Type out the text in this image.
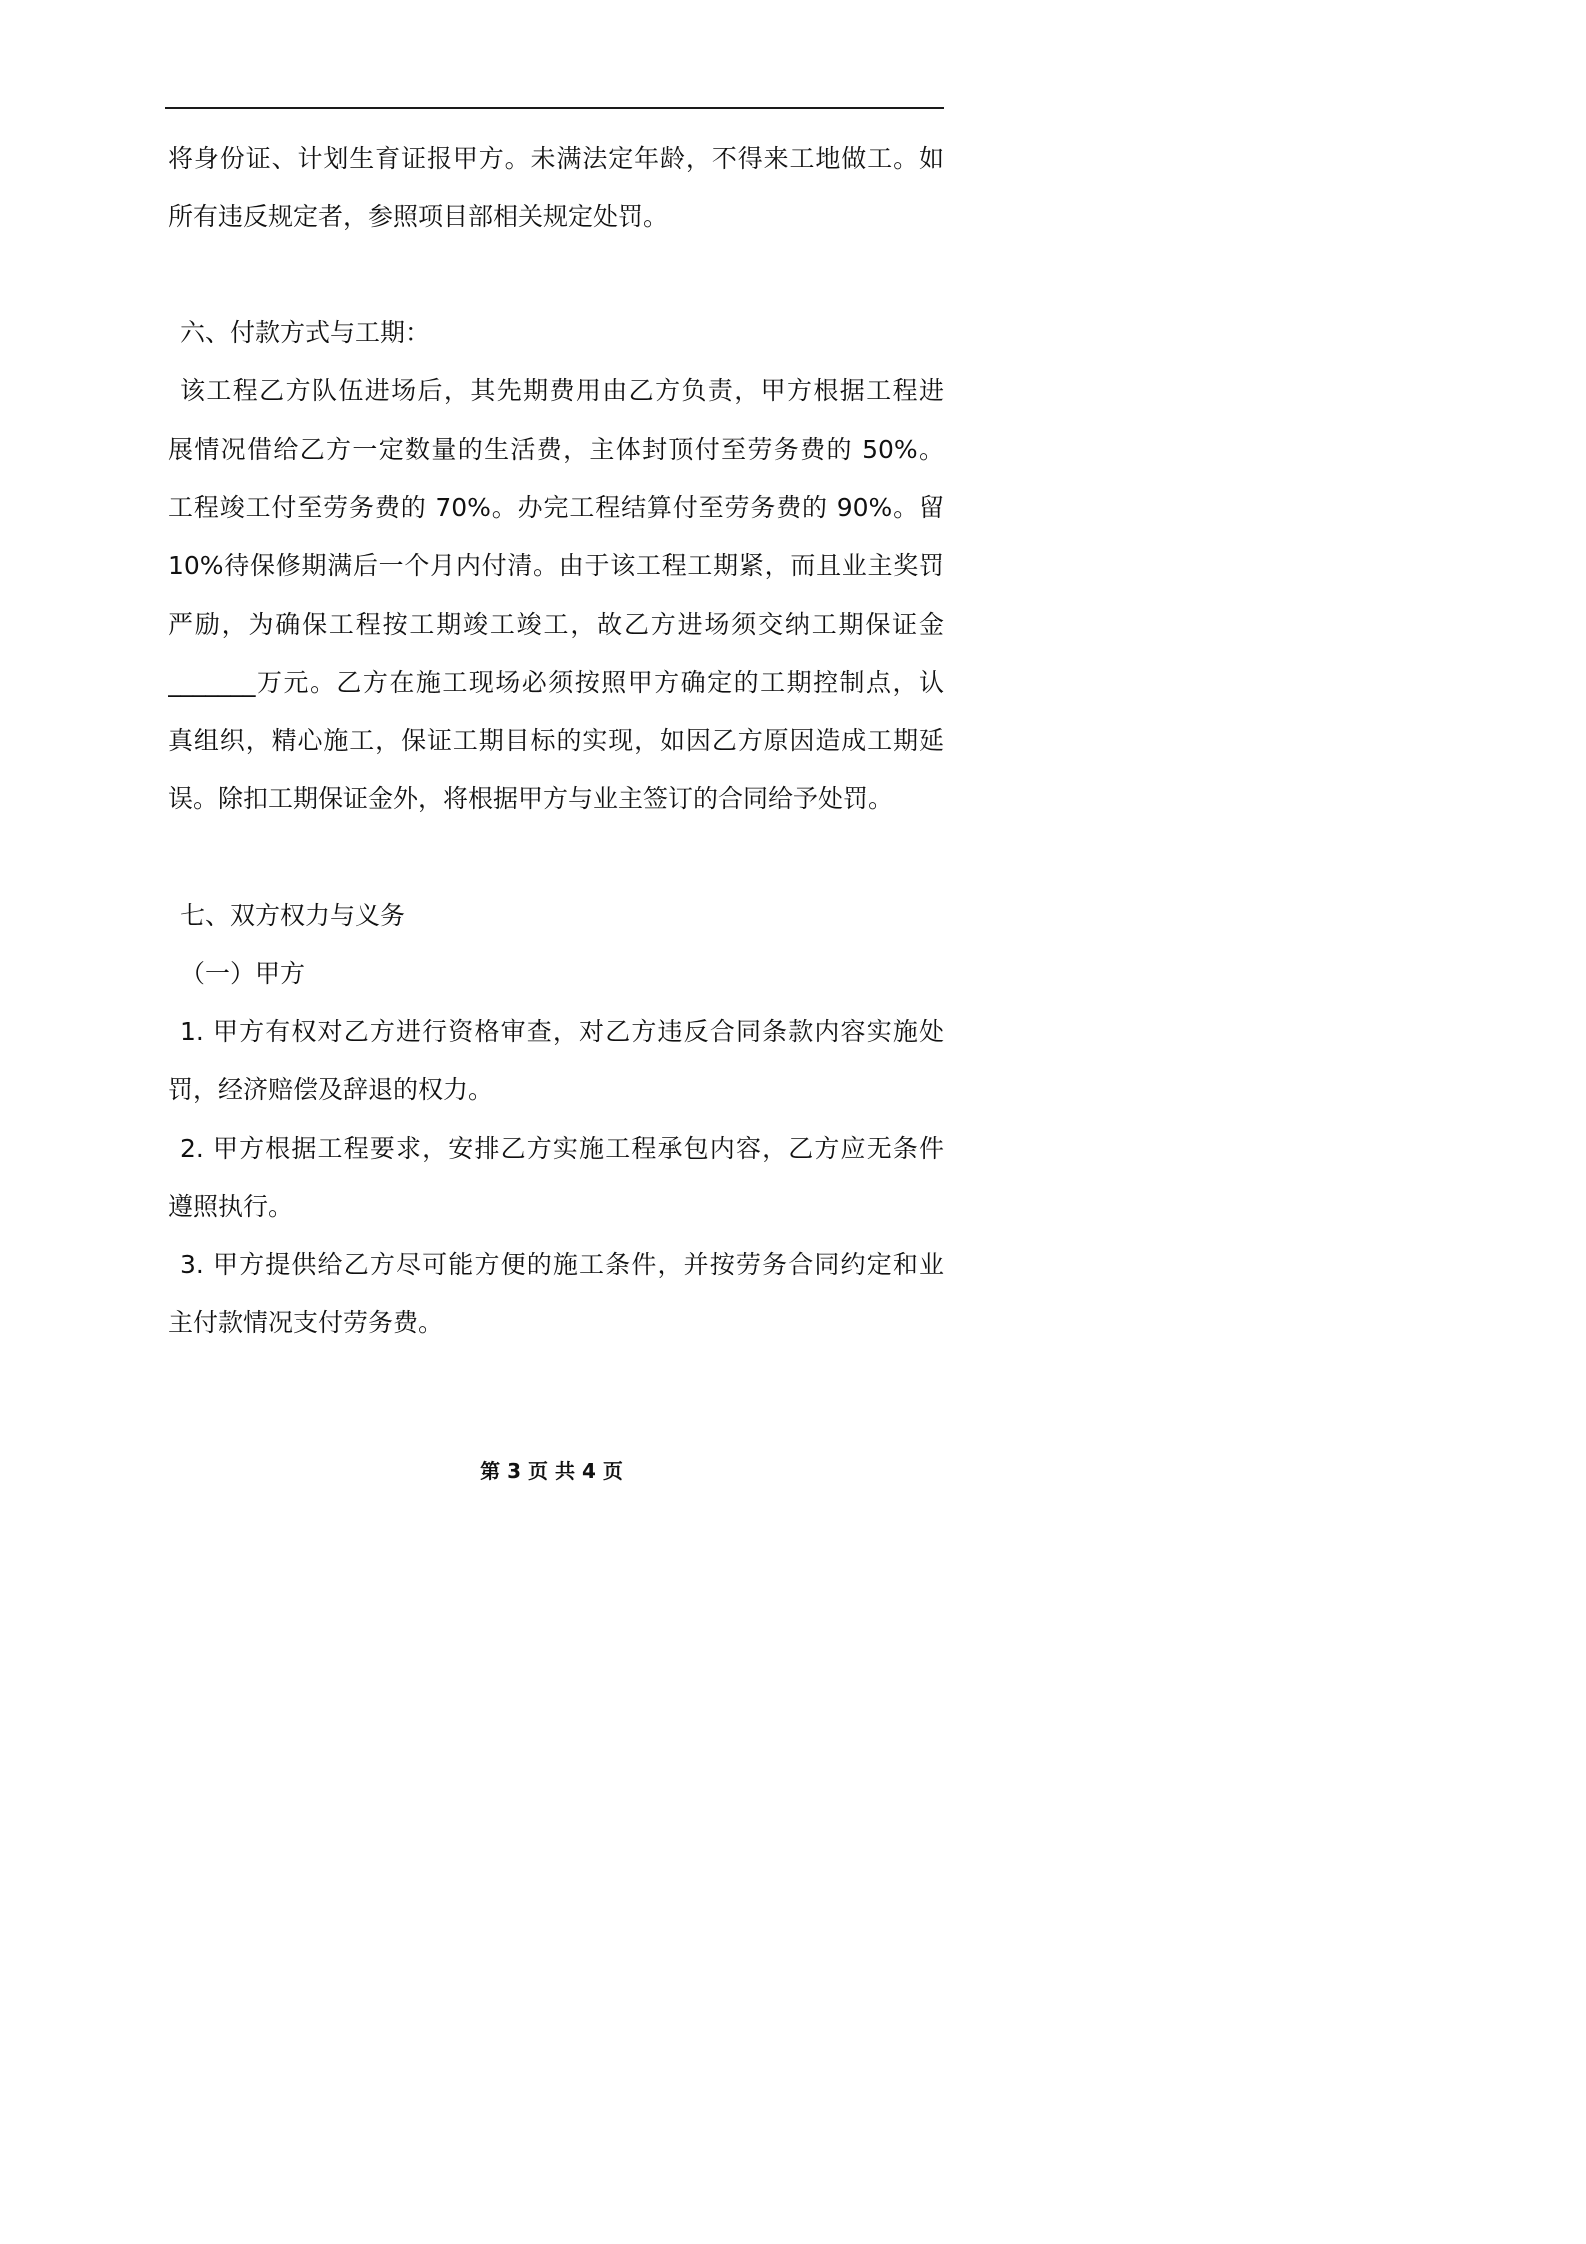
将身份证、计划生育证报甲方。未满法定年龄，不得来工地做工。如
所有违反规定者，参照项目部相关规定处罚。
六、付款方式与工期：
该工程乙方队伍进场后，其先期费用由乙方负责，甲方根据工程进
展情况借给乙方一定数量的生活费，主体封顶付至劳务费的 50%。
工程竣工付至劳务费的 70%。办完工程结算付至劳务费的 90%。留
10%待保修期满后一个月内付清。由于该工程工期紧，而且业主奖罚
严励，为确保工程按工期竣工竣工，故乙方进场须交纳工期保证金
_______万元。乙方在施工现场必须按照甲方确定的工期控制点，认
真组织，精心施工，保证工期目标的实现，如因乙方原因造成工期延
误。除扣工期保证金外，将根据甲方与业主签订的合同给予处罚。
七、双方权力与义务
（一）甲方
1. 甲方有权对乙方进行资格审查，对乙方违反合同条款内容实施处
罚，经济赔偿及辞退的权力。
2. 甲方根据工程要求，安排乙方实施工程承包内容，乙方应无条件
遵照执行。
3. 甲方提供给乙方尽可能方便的施工条件，并按劳务合同约定和业
主付款情况支付劳务费。
第 3 页 共 4 页
